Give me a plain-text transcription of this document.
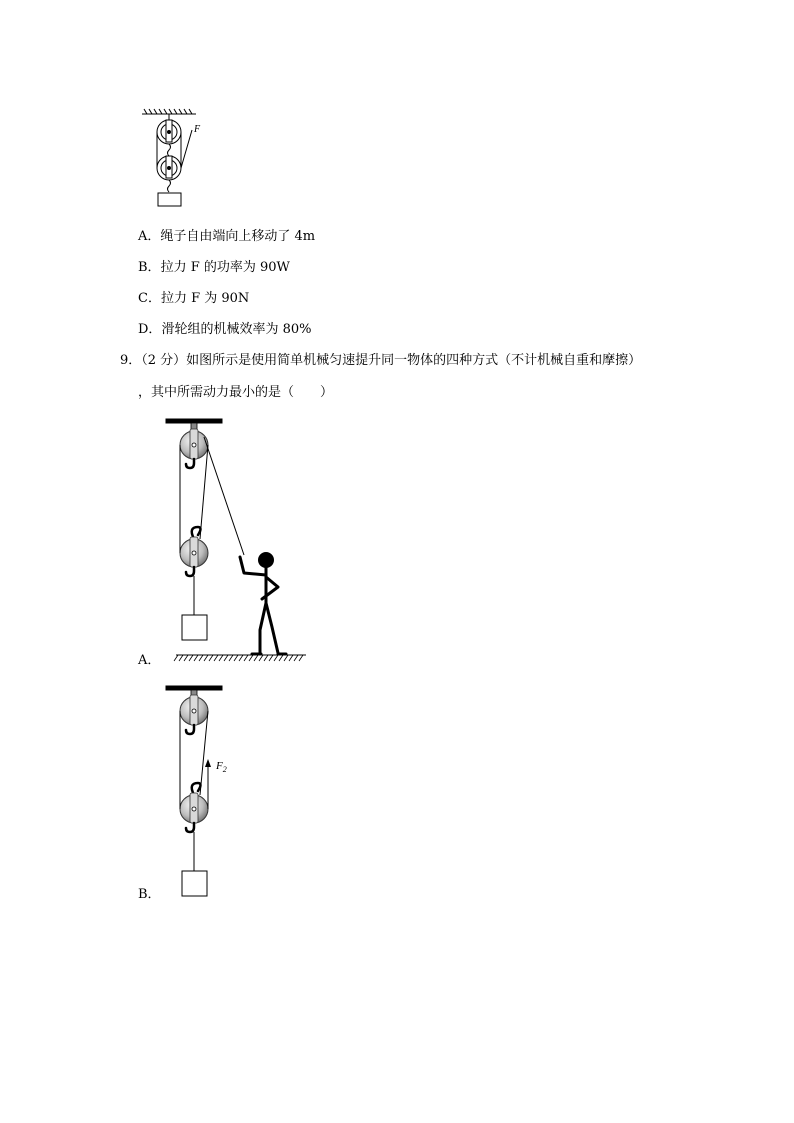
F
A．绳子自由端向上移动了 4m
B．拉力 F 的功率为 90W
C．拉力 F 为 90N
D．滑轮组的机械效率为 80%
9．（2 分）如图所示是使用简单机械匀速提升同一物体的四种方式（不计机械自重和摩擦）
，其中所需动力最小的是（　　）
A．
$F_2$
B．
